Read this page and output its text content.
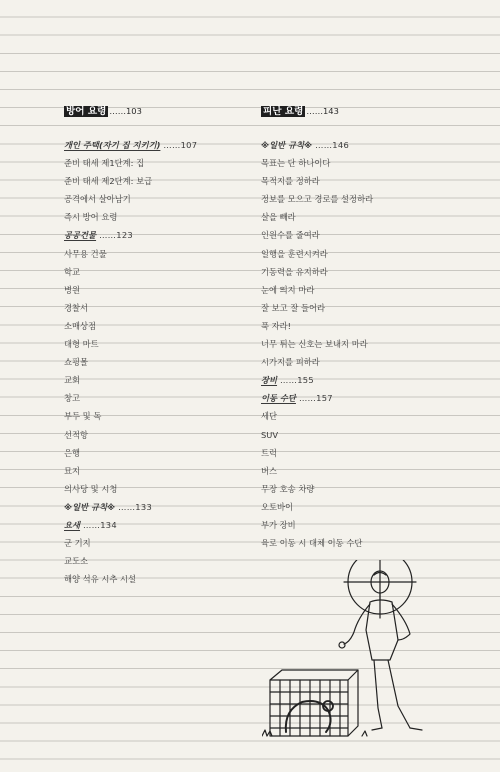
방어 요령 ……103
개인 주택(자기 집 지키기) ……107
준비 태세 제1단계: 집
준비 태세 제2단계: 보급
공격에서 살아남기
즉시 방어 요령
공공건물 ……123
사무용 건물
학교
병원
경찰서
소매상점
대형 마트
쇼핑몰
교회
창고
부두 및 독
선적항
은행
묘지
의사당 및 시청
※일반 규칙※ ……133
요새 ……134
군 기지
교도소
해양 석유 시추 시설
피난 요령 ……143
※일반 규칙※ ……146
목표는 단 하나이다
목적지를 정하라
정보를 모으고 경로를 설정하라
살을 빼라
인원수를 줄여라
일행을 훈련시켜라
기동력을 유지하라
눈에 띄지 마라
잘 보고 잘 들어라
푹 자라!
너무 튀는 신호는 보내지 마라
시가지를 피하라
장비 ……155
이동 수단 ……157
세단
SUV
트럭
버스
무장 호송 차량
오토바이
부가 장비
육로 이동 시 대체 이동 수단
